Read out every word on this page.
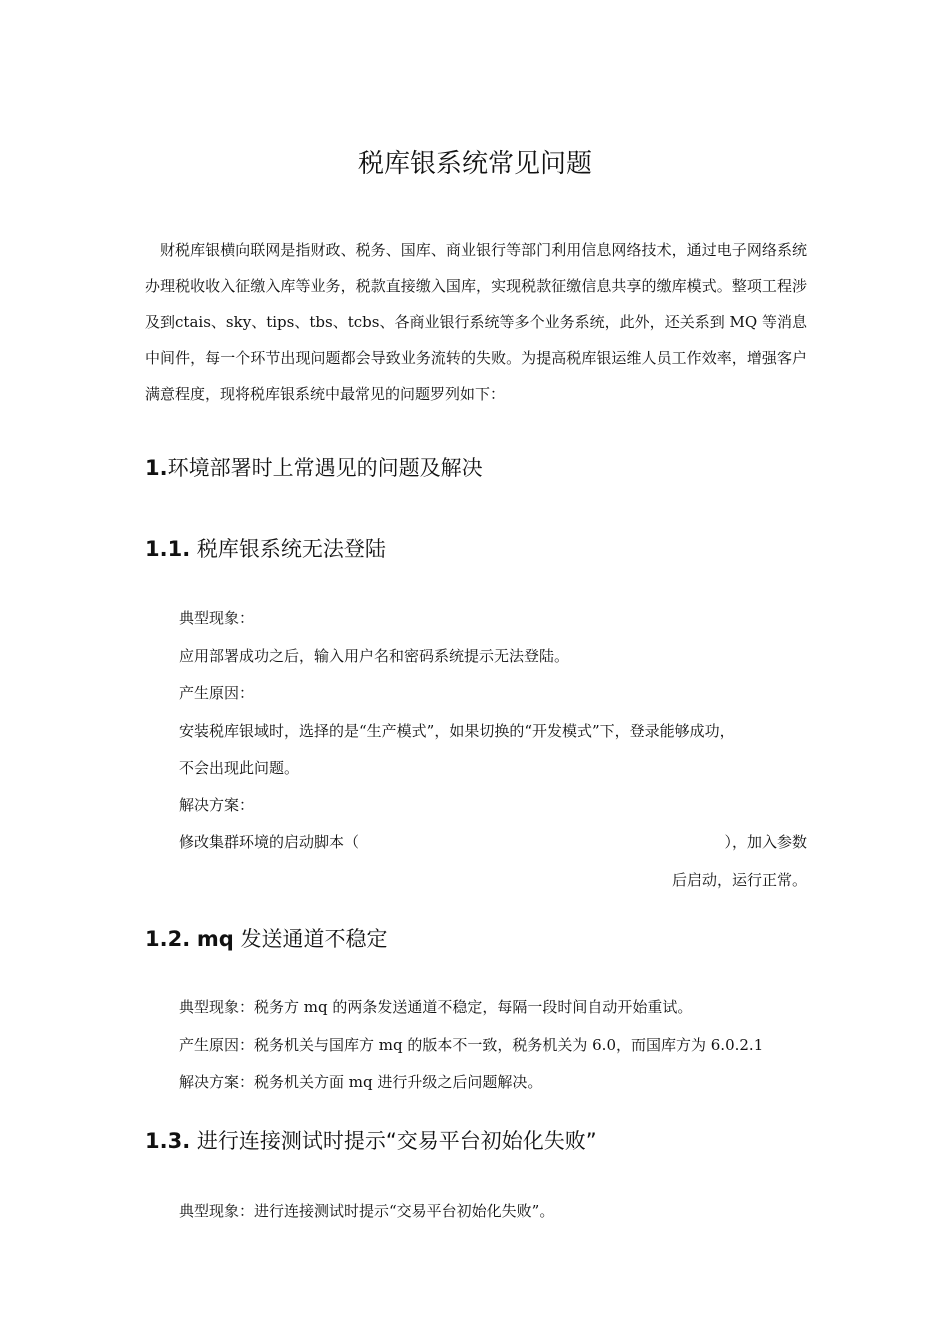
税库银系统常见问题

财税库银横向联网是指财政、税务、国库、商业银行等部门利用信息网络技术，通过电子网络系统办理税收收入征缴入库等业务，税款直接缴入国库，实现税款征缴信息共享的缴库模式。整项工程涉及到ctais、sky、tips、tbs、tcbs、各商业银行系统等多个业务系统，此外，还关系到 MQ 等消息中间件，每一个环节出现问题都会导致业务流转的失败。为提高税库银运维人员工作效率，增强客户满意程度，现将税库银系统中最常见的问题罗列如下：

1.环境部署时上常遇见的问题及解决
1.1. 税库银系统无法登陆
典型现象：
应用部署成功之后，输入用户名和密码系统提示无法登陆。
产生原因：
安装税库银域时，选择的是“生产模式”，如果切换的“开发模式”下，登录能够成功，
不会出现此问题。
解决方案：
修改集群环境的启动脚本（	），加入参数
后启动，运行正常。
1.2. mq 发送通道不稳定
典型现象：税务方 mq 的两条发送通道不稳定，每隔一段时间自动开始重试。
产生原因：税务机关与国库方 mq 的版本不一致，税务机关为 6.0，而国库方为 6.0.2.1
解决方案：税务机关方面 mq 进行升级之后问题解决。
1.3. 进行连接测试时提示“交易平台初始化失败”
典型现象：进行连接测试时提示“交易平台初始化失败”。
